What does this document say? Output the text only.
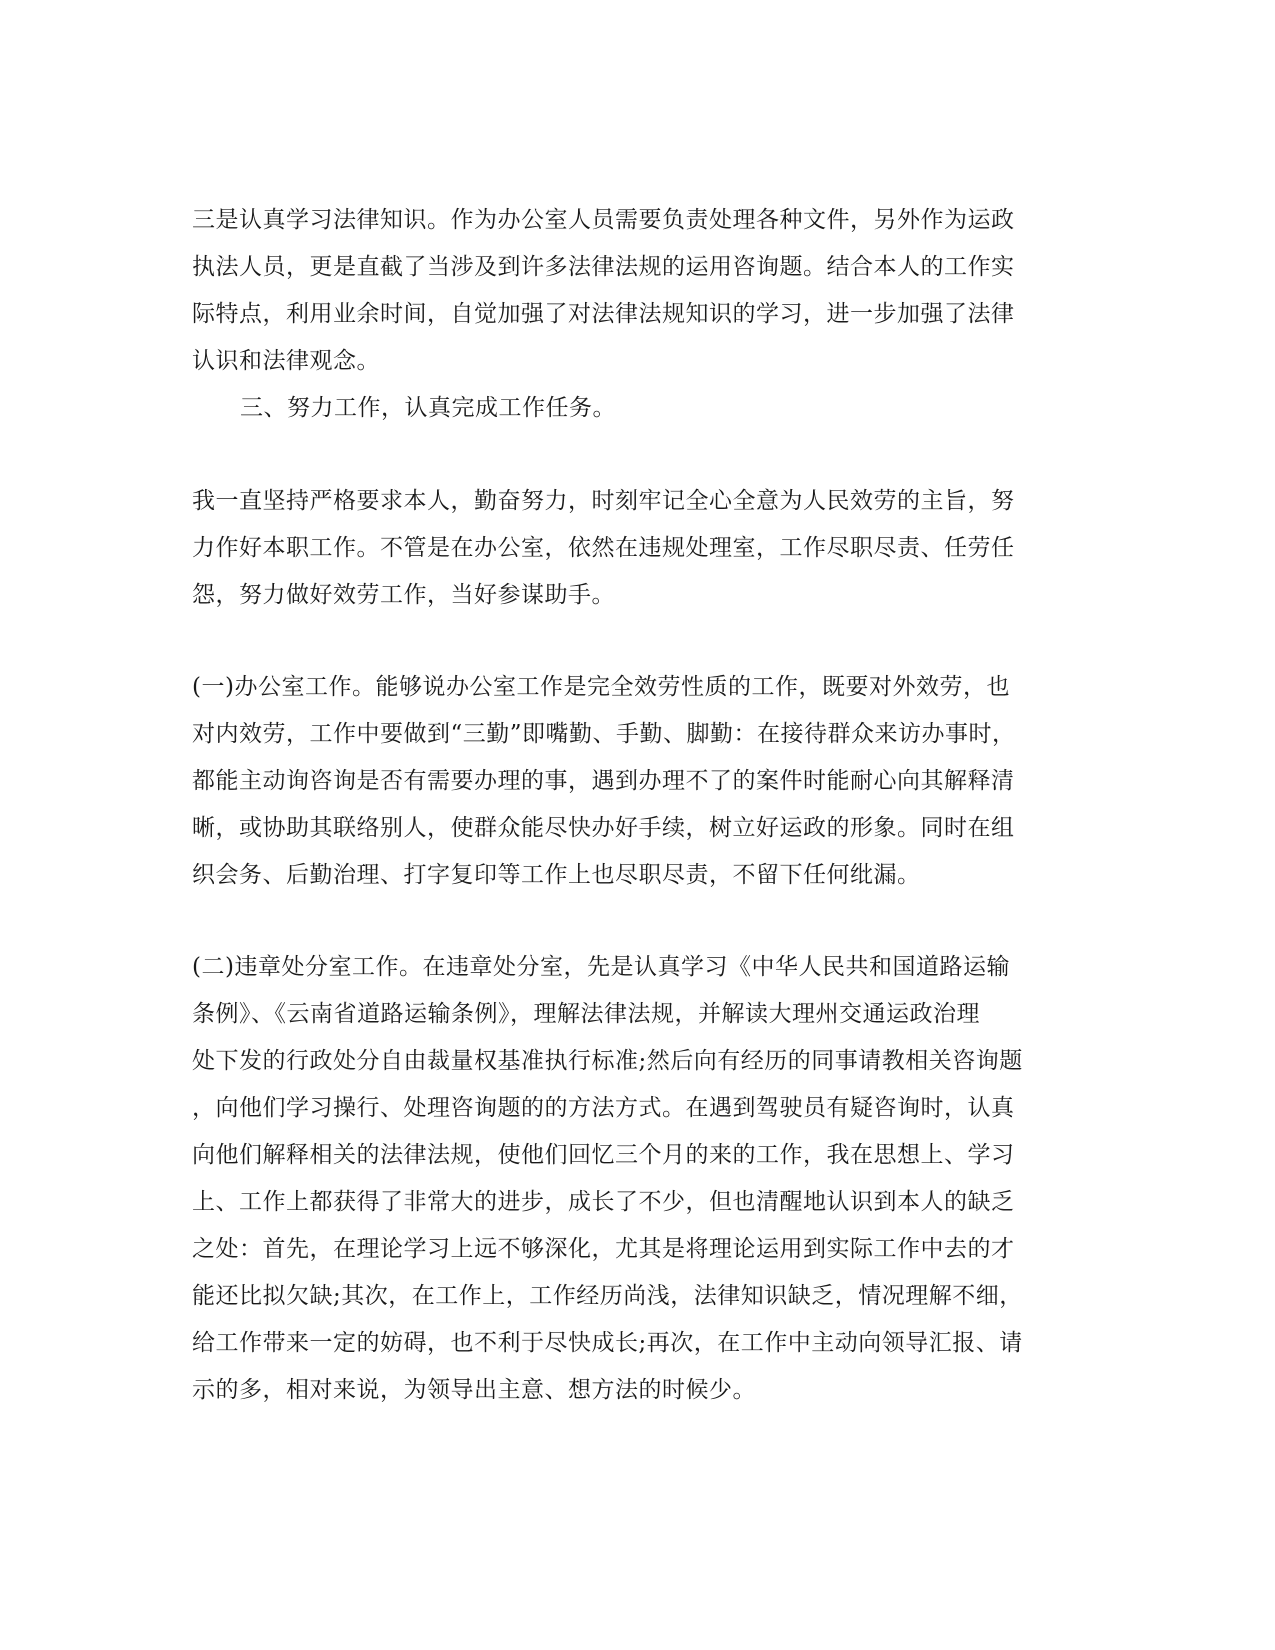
三是认真学习法律知识。作为办公室人员需要负责处理各种文件，另外作为运政
执法人员，更是直截了当涉及到许多法律法规的运用咨询题。结合本人的工作实
际特点，利用业余时间，自觉加强了对法律法规知识的学习，进一步加强了法律
认识和法律观念。
三、努力工作，认真完成工作任务。
我一直坚持严格要求本人，勤奋努力，时刻牢记全心全意为人民效劳的主旨，努
力作好本职工作。不管是在办公室，依然在违规处理室，工作尽职尽责、任劳任
怨，努力做好效劳工作，当好参谋助手。
(一)办公室工作。能够说办公室工作是完全效劳性质的工作，既要对外效劳，也
对内效劳，工作中要做到“三勤”即嘴勤、手勤、脚勤：在接待群众来访办事时，
都能主动询咨询是否有需要办理的事，遇到办理不了的案件时能耐心向其解释清
晰，或协助其联络别人，使群众能尽快办好手续，树立好运政的形象。同时在组
织会务、后勤治理、打字复印等工作上也尽职尽责，不留下任何纰漏。
(二)违章处分室工作。在违章处分室，先是认真学习《中华人民共和国道路运输
条例》、《云南省道路运输条例》，理解法律法规，并解读大理州交通运政治理
处下发的行政处分自由裁量权基准执行标准;然后向有经历的同事请教相关咨询题
，向他们学习操行、处理咨询题的的方法方式。在遇到驾驶员有疑咨询时，认真
向他们解释相关的法律法规，使他们回忆三个月的来的工作，我在思想上、学习
上、工作上都获得了非常大的进步，成长了不少，但也清醒地认识到本人的缺乏
之处：首先，在理论学习上远不够深化，尤其是将理论运用到实际工作中去的才
能还比拟欠缺;其次，在工作上，工作经历尚浅，法律知识缺乏，情况理解不细，
给工作带来一定的妨碍，也不利于尽快成长;再次，在工作中主动向领导汇报、请
示的多，相对来说，为领导出主意、想方法的时候少。
